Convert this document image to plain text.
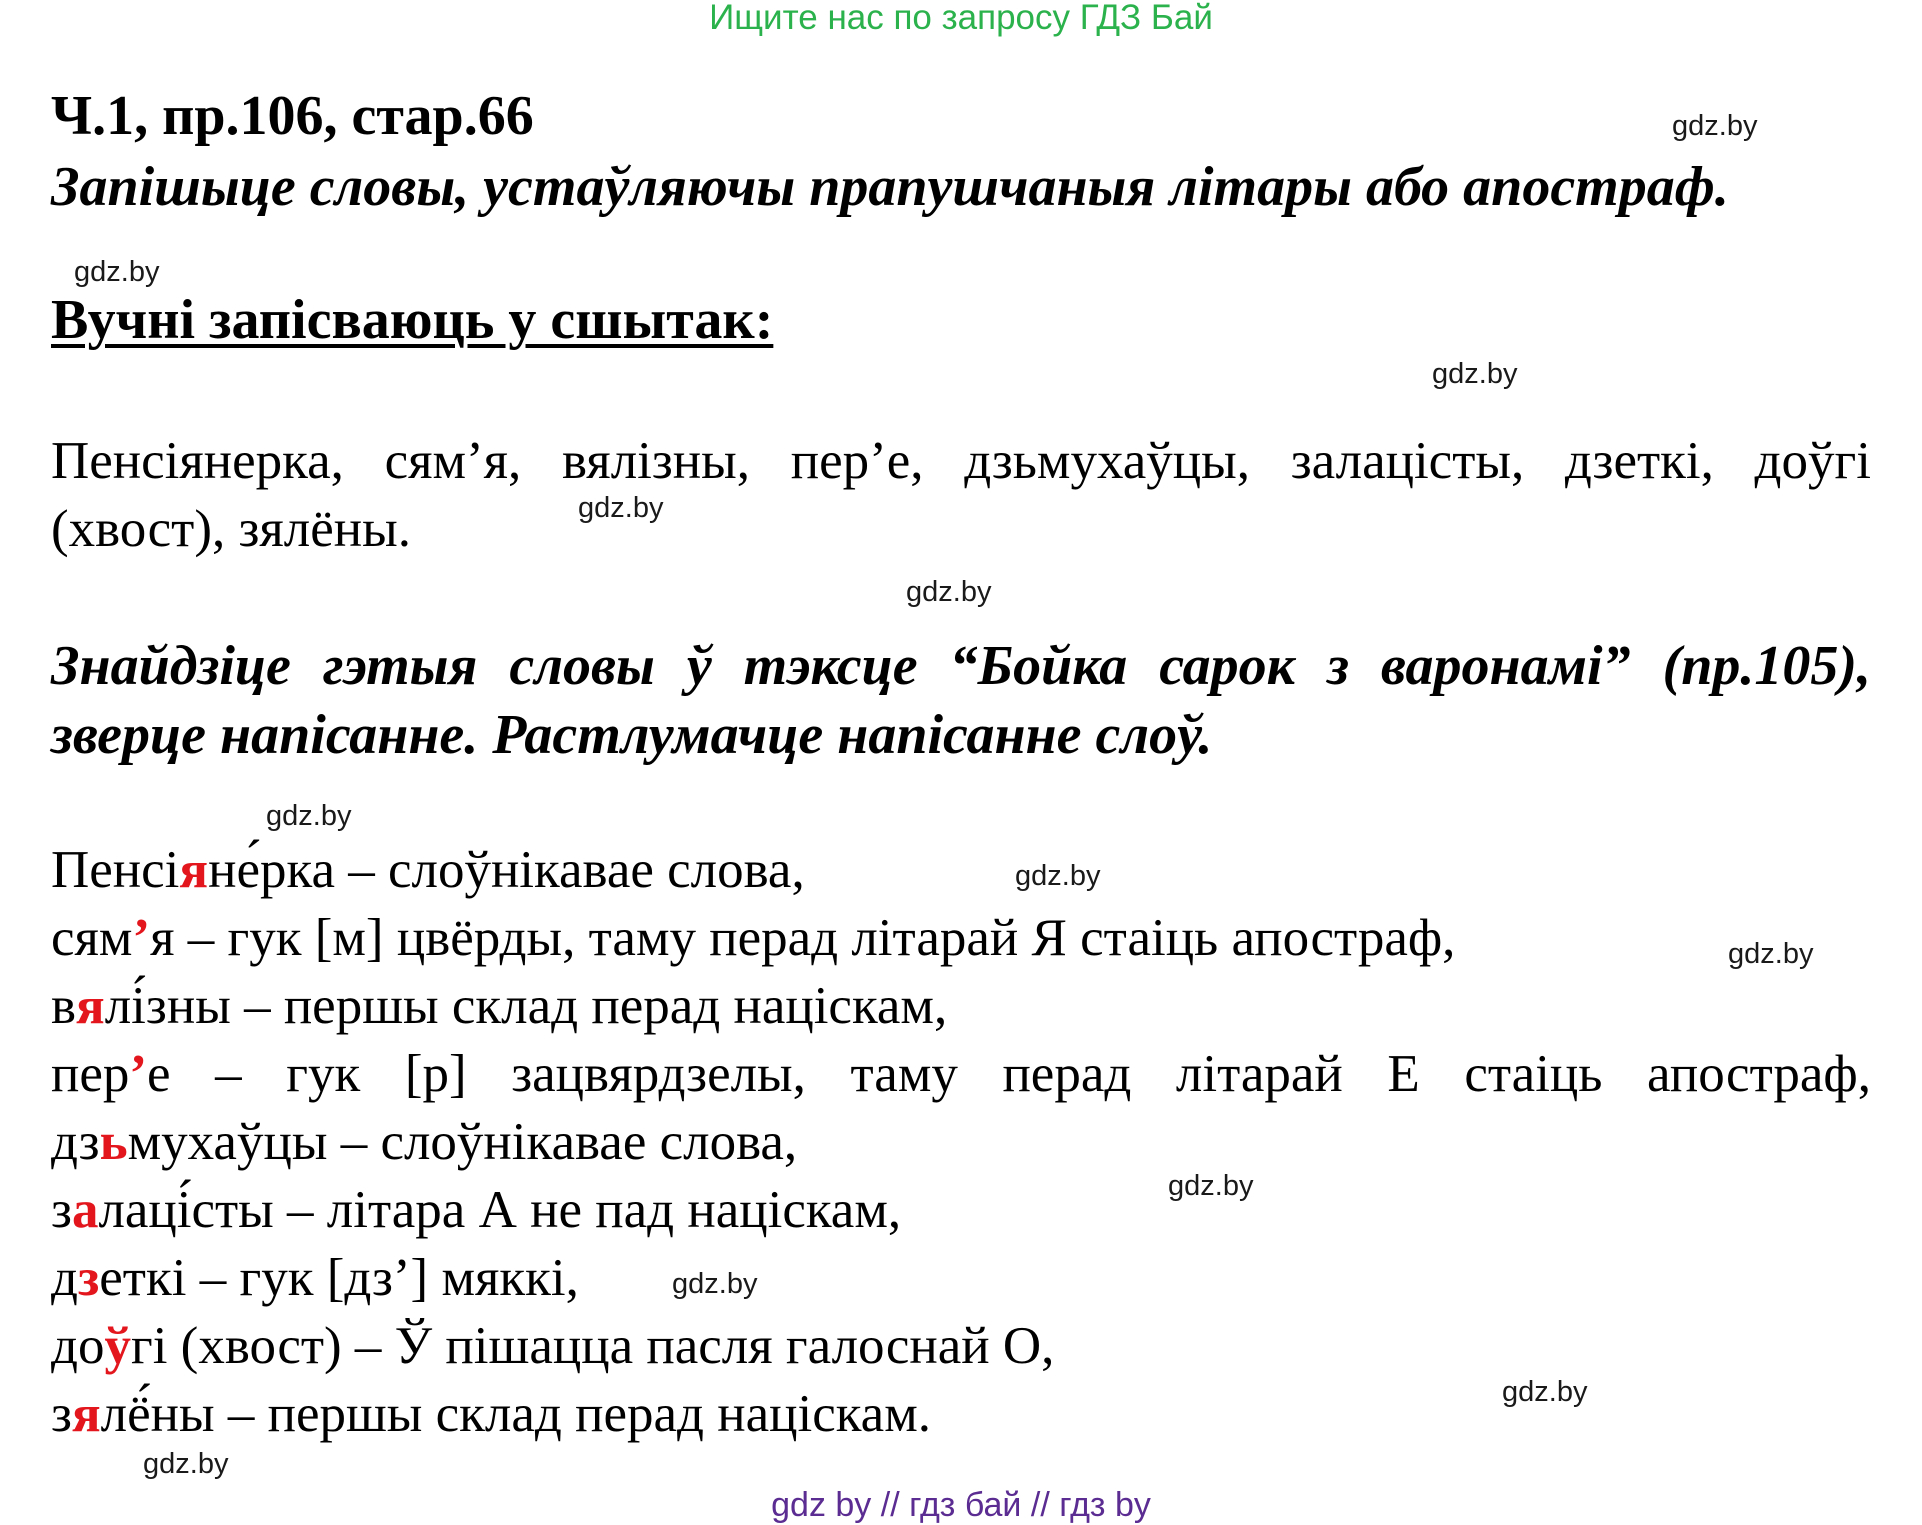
Ищите нас по запросу ГДЗ Бай
Ч.1, пр.106, стар.66	gdz.by
Запішыце словы, устаўляючы прапушчаныя літары або апостраф.
gdz.by
Вучні запісваюць у сшытак:
gdz.by
Пенсіянерка, сям’я, вялізны, пер’е, дзьмухаўцы, залацісты, дзеткі, доўгі
(хвост), зялёны.	gdz.by
gdz.by
Знайдзіце гэтыя словы ў тэксце “Бойка сарок з варонамі” (пр.105),
зверце напісанне. Растлумачце напісанне слоў.
gdz.by
Пенсіяне́рка – слоўнікавае слова,	gdz.by
сям’я – гук [м] цвёрды, таму перад літарай Я стаіць апостраф,	gdz.by
вялі́зны – першы склад перад націскам,
пер’е – гук [р] зацвярдзелы, таму перад літарай Е стаіць апостраф,
дзьмухаўцы – слоўнікавае слова,
gdz.by
залаці́сты – літара А не пад націскам,
дзеткі – гук [дз’] мяккі,	gdz.by
доўгі (хвост) – Ў пішацца пасля галоснай О,
gdz.by
зялё́ны – першы склад перад націскам.
gdz.by
gdz by // гдз бай // гдз by
